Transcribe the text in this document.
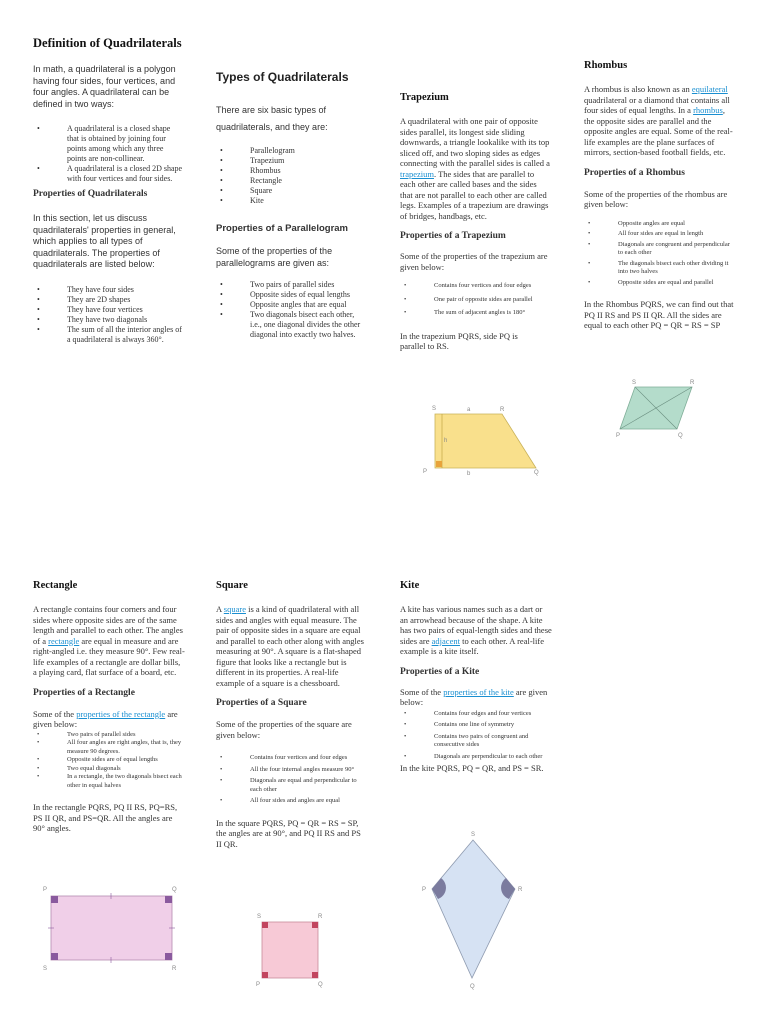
Definition of Quadrilaterals

In math, a quadrilateral is a polygon having four sides, four vertices, and four angles. A quadrilateral can be defined in two ways:

• A quadrilateral is a closed shape that is obtained by joining four points among which any three points are non-collinear.
• A quadrilateral is a closed 2D shape with four vertices and four sides.
Properties of Quadrilaterals

In this section, let us discuss quadrilaterals' properties in general, which applies to all types of quadrilaterals. The properties of quadrilaterals are listed below:

• They have four sides
• They are 2D shapes
• They have four vertices
• They have two diagonals
• The sum of all the interior angles of a quadrilateral is always 360°.
Types of Quadrilaterals

There are six basic types of quadrilaterals, and they are:

• Parallelogram
• Trapezium
• Rhombus
• Rectangle
• Square
• Kite
Properties of a Parallelogram

Some of the properties of the parallelograms are given as:

• Two pairs of parallel sides
• Opposite sides of equal lengths
• Opposite angles that are equal
• Two diagonals bisect each other, i.e., one diagonal divides the other diagonal into exactly two halves.
Trapezium

A quadrilateral with one pair of opposite sides parallel, its longest side sliding downwards, a triangle lookalike with its top sliced off, and two sloping sides as edges connecting with the parallel sides is called a trapezium. The sides that are parallel to each other are called bases and the sides that are not parallel to each other are called legs. Examples of a trapezium are drawings of bridges, handbags, etc.

Properties of a Trapezium

Some of the properties of the trapezium are given below:

• Contains four vertices and four edges
• One pair of opposite sides are parallel
• The sum of adjacent angles is 180°

In the trapezium PQRS, side PQ is parallel to RS.

S	a	R
h
P	b	Q
Rhombus

A rhombus is also known as an equilateral quadrilateral or a diamond that contains all four sides of equal lengths. In a rhombus, the opposite sides are parallel and the opposite angles are equal. Some of the real-life examples are the plane surfaces of mirrors, section-based football fields, etc.

Properties of a Rhombus

Some of the properties of the rhombus are given below:

• Opposite angles are equal
• All four sides are equal in length
• Diagonals are congruent and perpendicular to each other
• The diagonals bisect each other dividing it into two halves
• Opposite sides are equal and parallel

In the Rhombus PQRS, we can find out that PQ II RS and PS II QR. All the sides are equal to each other PQ = QR = RS = SP

S	R
P	Q
Rectangle

A rectangle contains four corners and four sides where opposite sides are of the same length and parallel to each other. The angles of a rectangle are equal in measure and are right-angled i.e. they measure 90°. Few real-life examples of a rectangle are dollar bills, a playing card, flat surface of a board, etc.

Properties of a Rectangle

Some of the properties of the rectangle are given below:

• Two pairs of parallel sides
• All four angles are right angles, that is, they measure 90 degrees.
• Opposite sides are of equal lengths
• Two equal diagonals
• In a rectangle, the two diagonals bisect each other in equal halves

In the rectangle PQRS, PQ II RS, PQ=RS, PS II QR, and PS=QR. All the angles are 90° angles.

P	Q
S	R
Square

A square is a kind of quadrilateral with all sides and angles with equal measure. The pair of opposite sides in a square are equal and parallel to each other along with angles measuring at 90°. A square is a flat-shaped figure that looks like a rectangle but is different in its properties. A real-life example of a square is a chessboard.

Properties of a Square

Some of the properties of the square are given below:

• Contains four vertices and four edges
• All the four internal angles measure 90°
• Diagonals are equal and perpendicular to each other
• All four sides and angles are equal

In the square PQRS, PQ = QR = RS = SP, the angles are at 90°, and PQ II RS and PS II QR.

S	R
P	Q
Kite

A kite has various names such as a dart or an arrowhead because of the shape. A kite has two pairs of equal-length sides and these sides are adjacent to each other. A real-life example is a kite itself.

Properties of a Kite

Some of the properties of the kite are given below:

• Contains four edges and four vertices
• Contains one line of symmetry
• Contains two pairs of congruent and consecutive sides
• Diagonals are perpendicular to each other

In the kite PQRS, PQ = QR, and PS = SR.

S
P	R
Q
